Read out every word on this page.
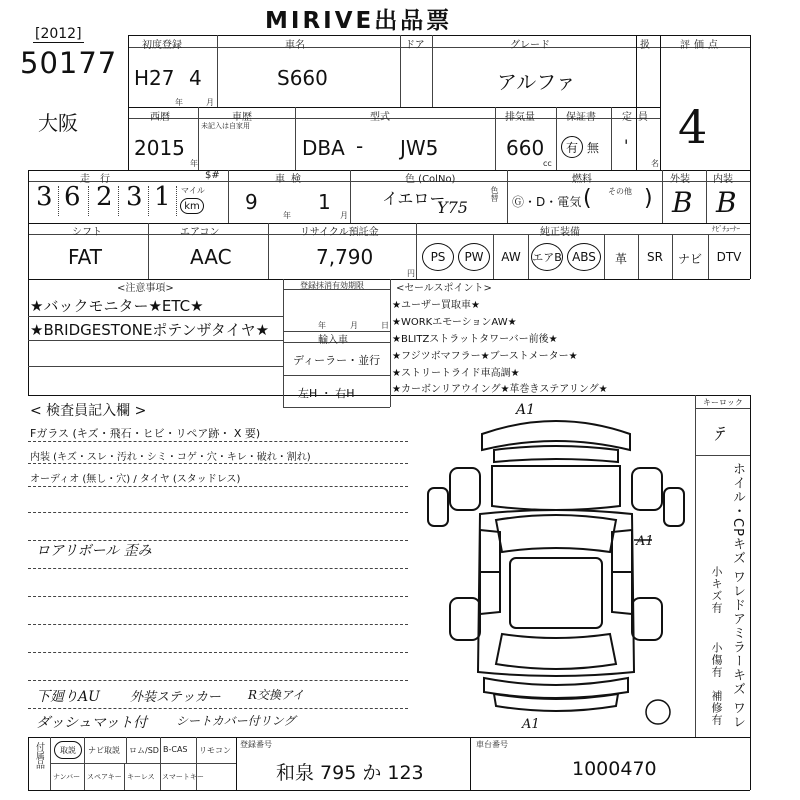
MIRIVE出品票
[2012]
50177
大阪
初度登録
H27 4
年	月
車名
S660
ドア	グレード
アルファ
扱	評価点
4
西暦
2015
年
車歴
未記入は自家用
型式
DBA - JW5
排気量
660
cc
保証書
有 無
定員
'
名
走行	$#
3 6 2 3 1 マイル
km
車検
9
年
1
月
色 (ColNo)
イエロー
Y75
色替
燃料
Ⓖ・D・電気 ( その他 )
外装
B
内装
B
シフト
FAT
エアコン
AAC
リサイクル預託金
7,790
円
純正装備	ﾅﾋﾞﾁｭｰﾅｰ
PS	PW	AW	エアB ABS	革	SR	ナビ	DTV
<注意事項>
★バックモニター★ETC★
★BRIDGESTONEポテンザタイヤ★
登録抹消有効期限
年	月	日
輸入車
ディーラー・並行
左H ・ 右H
<セールスポイント>
★ユーザー買取車★
★WORKエモーションAW★
★BLITZストラットタワーバー前後★
★フジツボマフラー★ブーストメーター★
★ストリートライド車高調★
★カーボンリアウイング★革巻きステアリング★
< 検査員記入欄 >
Fガラス (キズ・飛石・ヒビ・リペア跡・ X 要)
内装 (キズ・スレ・汚れ・シミ・コゲ・穴・キレ・破れ・割れ)
オーディオ (無し・穴) / タイヤ (スタッドレス)
ロアリボール 歪み
下廻りAU 外装ステッカー R交換アイ
ダッシュマット付 シートカバー付リング
A1
A1
A1
キーロック
ﾃ
ホイル・CPキズ ワレ
小キズ有
ドアミラーキズ ワレ
小傷有
補修有
付属品	取説	ナビ取説 ロム/SD B-CAS リモコン
ナンバー スペアキー キーレス スマートキー
登録番号
和泉 795 か 123
車台番号
1000470
